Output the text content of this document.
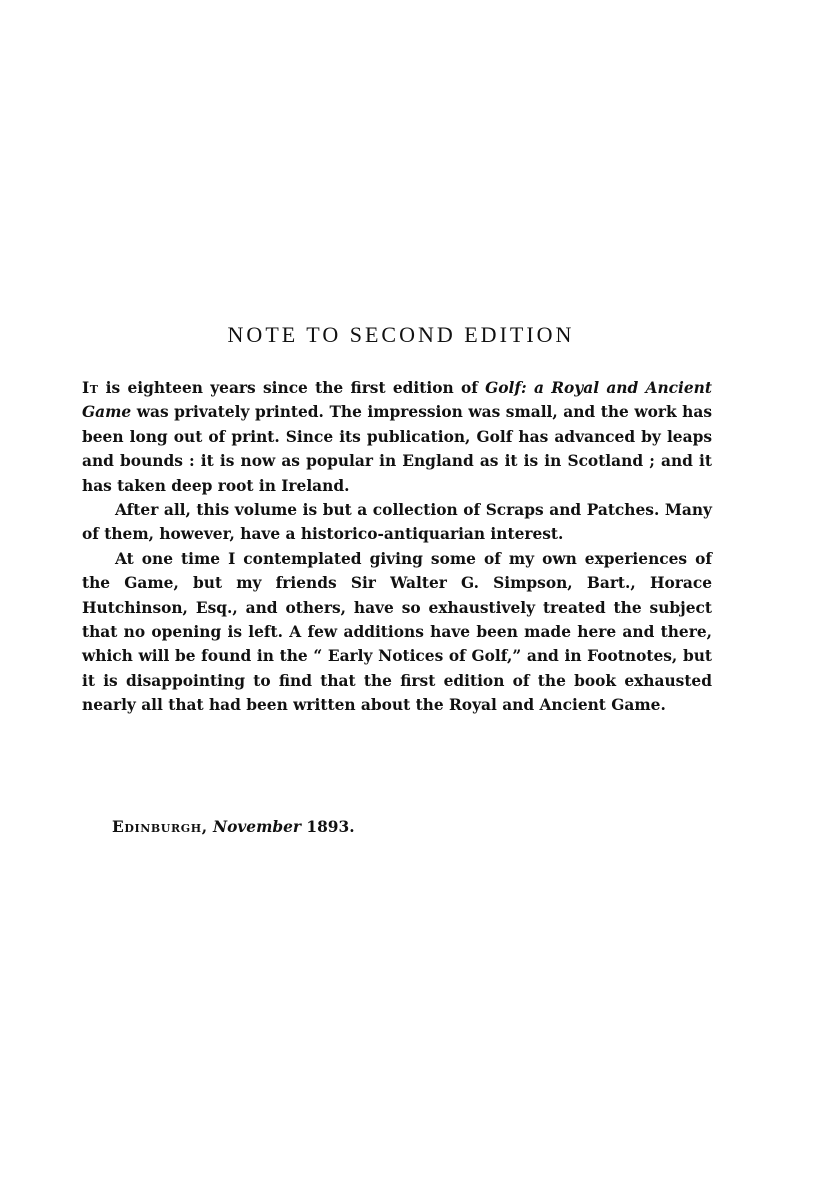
NOTE TO SECOND EDITION

It is eighteen years since the first edition of Golf: a Royal and Ancient Game was privately printed. The impression was small, and the work has been long out of print. Since its publication, Golf has advanced by leaps and bounds : it is now as popular in England as it is in Scotland ; and it has taken deep root in Ireland.

After all, this volume is but a collection of Scraps and Patches. Many of them, however, have a historico-antiquarian interest.

At one time I contemplated giving some of my own experiences of the Game, but my friends Sir Walter G. Simpson, Bart., Horace Hutchinson, Esq., and others, have so exhaustively treated the subject that no opening is left. A few additions have been made here and there, which will be found in the “ Early Notices of Golf,” and in Footnotes, but it is disappointing to find that the first edition of the book exhausted nearly all that had been written about the Royal and Ancient Game.

Edinburgh, November 1893.
